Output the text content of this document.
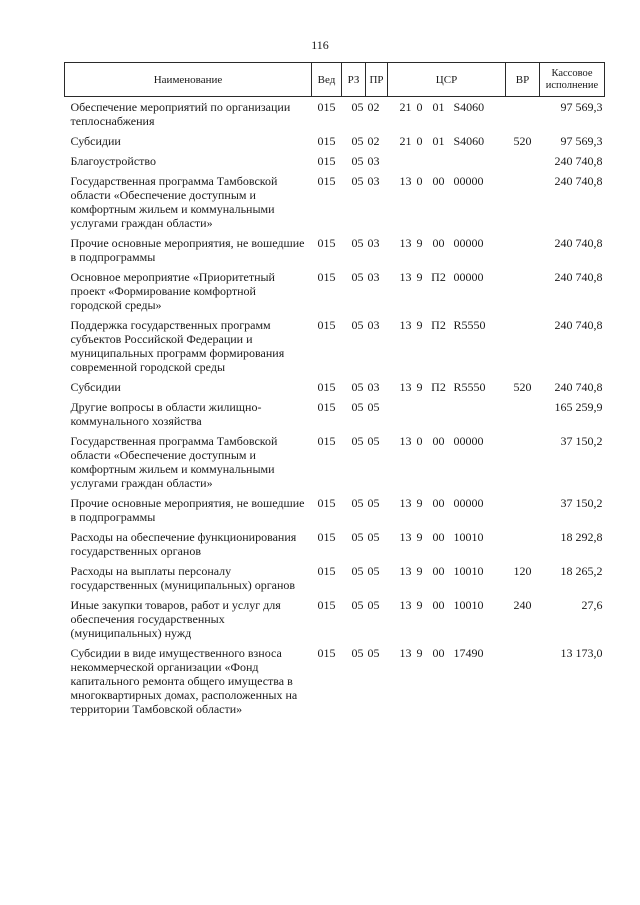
116
Наименование	Вед	РЗ	ПР	ЦСР	ВР	Кассовое
исполнение
Обеспечение мероприятий по организации теплоснабжения	015	05	02	21 0 01 S4060		97 569,3
Субсидии	015	05	02	21 0 01 S4060	520	97 569,3
Благоустройство	015	05	03			240 740,8
Государственная программа Тамбовской области «Обеспечение доступным и комфортным жильем и коммунальными услугами граждан области»	015	05	03	13 0 00 00000		240 740,8
Прочие основные мероприятия, не вошедшие в подпрограммы	015	05	03	13 9 00 00000		240 740,8
Основное мероприятие «Приоритетный проект «Формирование комфортной городской среды»	015	05	03	13 9 П2 00000		240 740,8
Поддержка государственных программ субъектов Российской Федерации и муниципальных программ формирования современной городской среды	015	05	03	13 9 П2 R5550		240 740,8
Субсидии	015	05	03	13 9 П2 R5550	520	240 740,8
Другие вопросы в области жилищно-коммунального хозяйства	015	05	05			165 259,9
Государственная программа Тамбовской области «Обеспечение доступным и комфортным жильем и коммунальными услугами граждан области»	015	05	05	13 0 00 00000		37 150,2
Прочие основные мероприятия, не вошедшие в подпрограммы	015	05	05	13 9 00 00000		37 150,2
Расходы на обеспечение функционирования государственных органов	015	05	05	13 9 00 10010		18 292,8
Расходы на выплаты персоналу государственных (муниципальных) органов	015	05	05	13 9 00 10010	120	18 265,2
Иные закупки товаров, работ и услуг для обеспечения государственных (муниципальных) нужд	015	05	05	13 9 00 10010	240	27,6
Субсидии в виде имущественного взноса некоммерческой организации «Фонд капитального ремонта общего имущества в многоквартирных домах, расположенных на территории Тамбовской области»	015	05	05	13 9 00 17490		13 173,0
